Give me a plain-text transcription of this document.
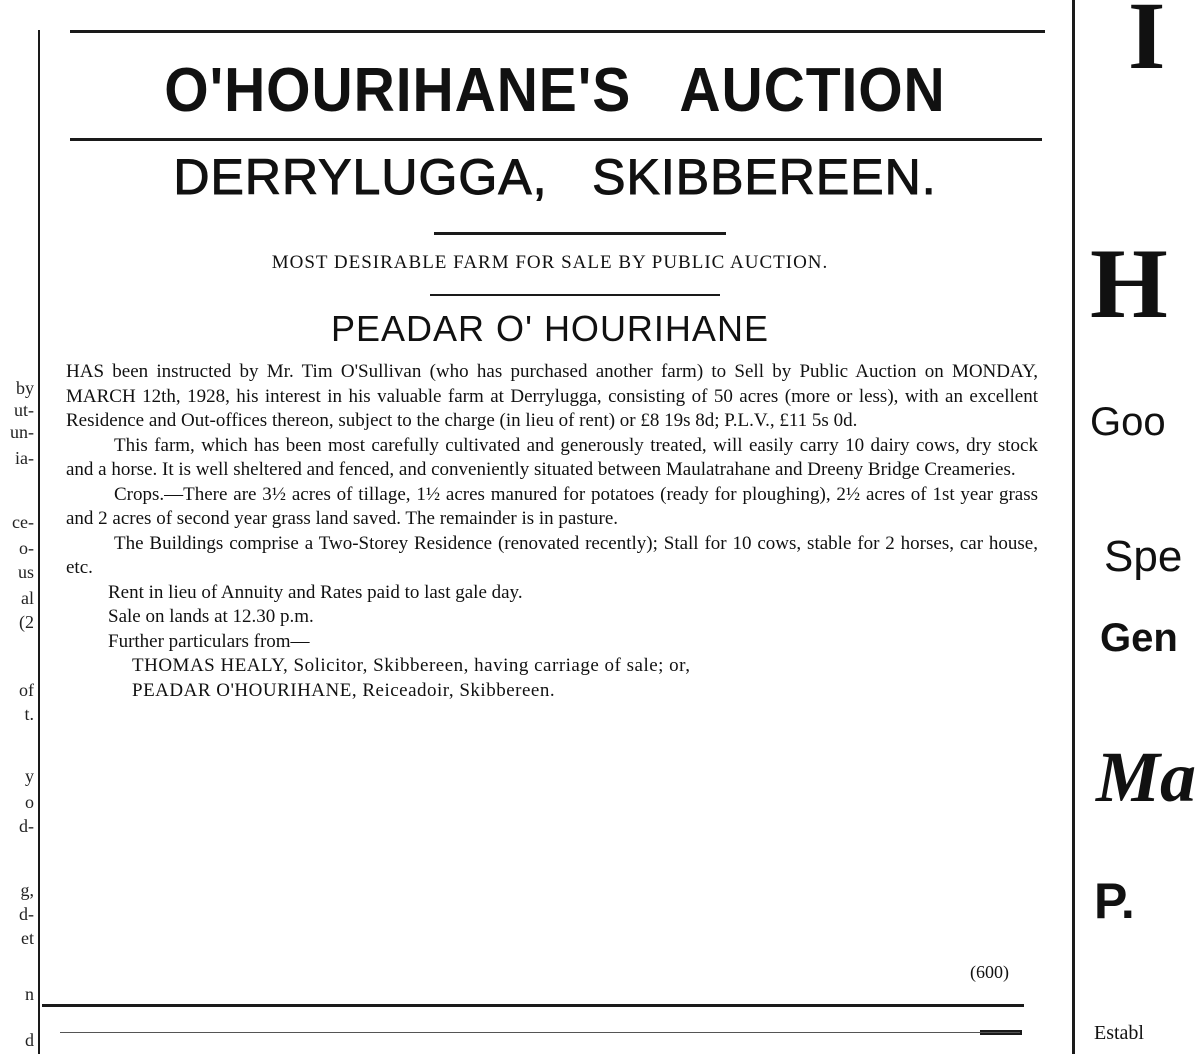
by
ut-
un-
ia-
ce-
o-
us
al
(2
of
t.
y
o
d-
g,
d-
et
n
d
I
H
Goo
Spe
Gen
Ma
P.
Establ
O'HOURIHANE'S   AUCTION
DERRYLUGGA,   SKIBBEREEN.
MOST DESIRABLE FARM FOR SALE BY PUBLIC AUCTION.
PEADAR O' HOURIHANE

HAS been instructed by Mr. Tim O'Sullivan (who has purchased another farm) to Sell by Public Auction on MONDAY, MARCH 12th, 1928, his interest in his valuable farm at Derrylugga, consisting of 50 acres (more or less), with an excellent Residence and Out-offices thereon, subject to the charge (in lieu of rent) or £8 19s 8d; P.L.V., £11 5s 0d.

This farm, which has been most carefully cultivated and generously treated, will easily carry 10 dairy cows, dry stock and a horse. It is well sheltered and fenced, and conveniently situated between Maulatrahane and Dreeny Bridge Creameries.

Crops.—There are 3½ acres of tillage, 1½ acres manured for potatoes (ready for ploughing), 2½ acres of 1st year grass and 2 acres of second year grass land saved. The remainder is in pasture.

The Buildings comprise a Two-Storey Residence (renovated recently); Stall for 10 cows, stable for 2 horses, car house, etc.

Rent in lieu of Annuity and Rates paid to last gale day.
Sale on lands at 12.30 p.m.
Further particulars from—
THOMAS HEALY, Solicitor, Skibbereen, having carriage of sale; or,
PEADAR O'HOURIHANE, Reiceadoir, Skibbereen.
(600)
